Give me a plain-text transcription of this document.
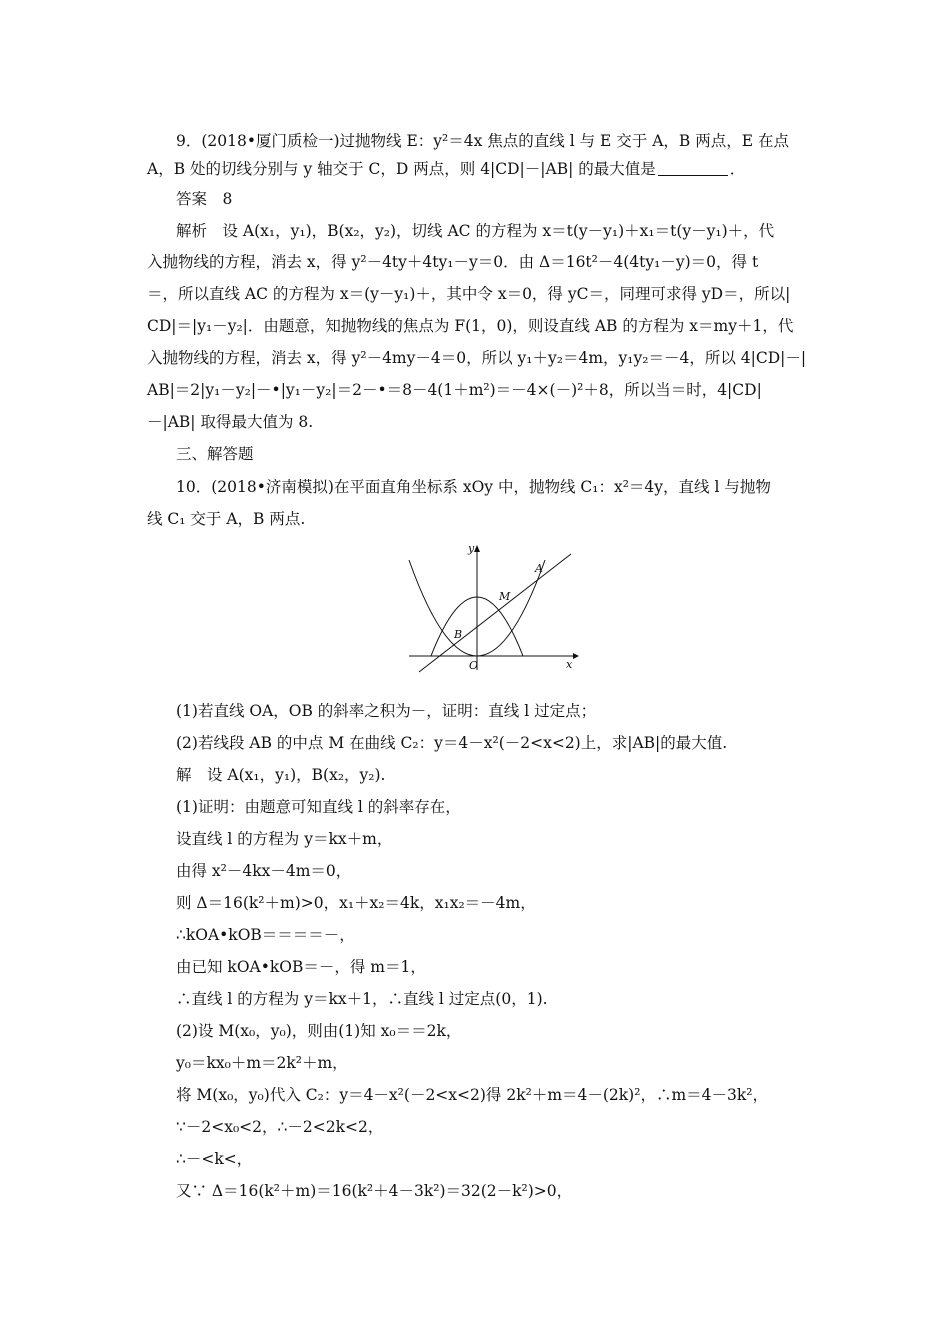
9．(2018•厦门质检一)过抛物线 E：y²＝4x 焦点的直线 l 与 E 交于 A，B 两点，E 在点
A，B 处的切线分别与 y 轴交于 C，D 两点，则 4|CD|－|AB| 的最大值是	．
答案　8
解析　设 A(x₁，y₁)，B(x₂，y₂)，切线 AC 的方程为 x＝t(y－y₁)＋x₁＝t(y－y₁)＋，代
入抛物线的方程，消去 x，得 y²－4ty＋4ty₁－y＝0．由 Δ＝16t²－4(4ty₁－y)＝0，得 t
＝，所以直线 AC 的方程为 x＝(y－y₁)＋，其中令 x＝0，得 yC＝，同理可求得 yD＝，所以|
CD|＝|y₁－y₂|．由题意，知抛物线的焦点为 F(1，0)，则设直线 AB 的方程为 x＝my＋1，代
入抛物线的方程，消去 x，得 y²－4my－4＝0，所以 y₁＋y₂＝4m，y₁y₂＝－4，所以 4|CD|－|
AB|＝2|y₁－y₂|－•|y₁－y₂|＝2－•＝8－4(1＋m²)＝－4×(－)²＋8，所以当＝时，4|CD|
－|AB| 取得最大值为 8.
三、解答题
10．(2018•济南模拟)在平面直角坐标系 xOy 中，抛物线 C₁：x²＝4y，直线 l 与抛物
线 C₁ 交于 A，B 两点.
(1)若直线 OA，OB 的斜率之积为－，证明：直线 l 过定点；
(2)若线段 AB 的中点 M 在曲线 C₂：y＝4－x²(－2<x<2)上，求|AB|的最大值.
解　设 A(x₁，y₁)，B(x₂，y₂).
(1)证明：由题意可知直线 l 的斜率存在，
设直线 l 的方程为 y＝kx＋m，
由得 x²－4kx－4m＝0，
则 Δ＝16(k²＋m)>0，x₁＋x₂＝4k，x₁x₂＝－4m，
∴kOA•kOB＝＝＝＝－，
由已知 kOA•kOB＝－，得 m＝1，
∴直线 l 的方程为 y＝kx＋1，∴直线 l 过定点(0，1).
(2)设 M(x₀，y₀)，则由(1)知 x₀＝＝2k，
y₀＝kx₀＋m＝2k²＋m，
将 M(x₀，y₀)代入 C₂：y＝4－x²(－2<x<2)得 2k²＋m＝4－(2k)²，∴m＝4－3k²，
∵－2<x₀<2，∴－2<2k<2，
∴－<k<，
又∵ Δ＝16(k²＋m)＝16(k²＋4－3k²)＝32(2－k²)>0，
y
x
O
A
B
M
